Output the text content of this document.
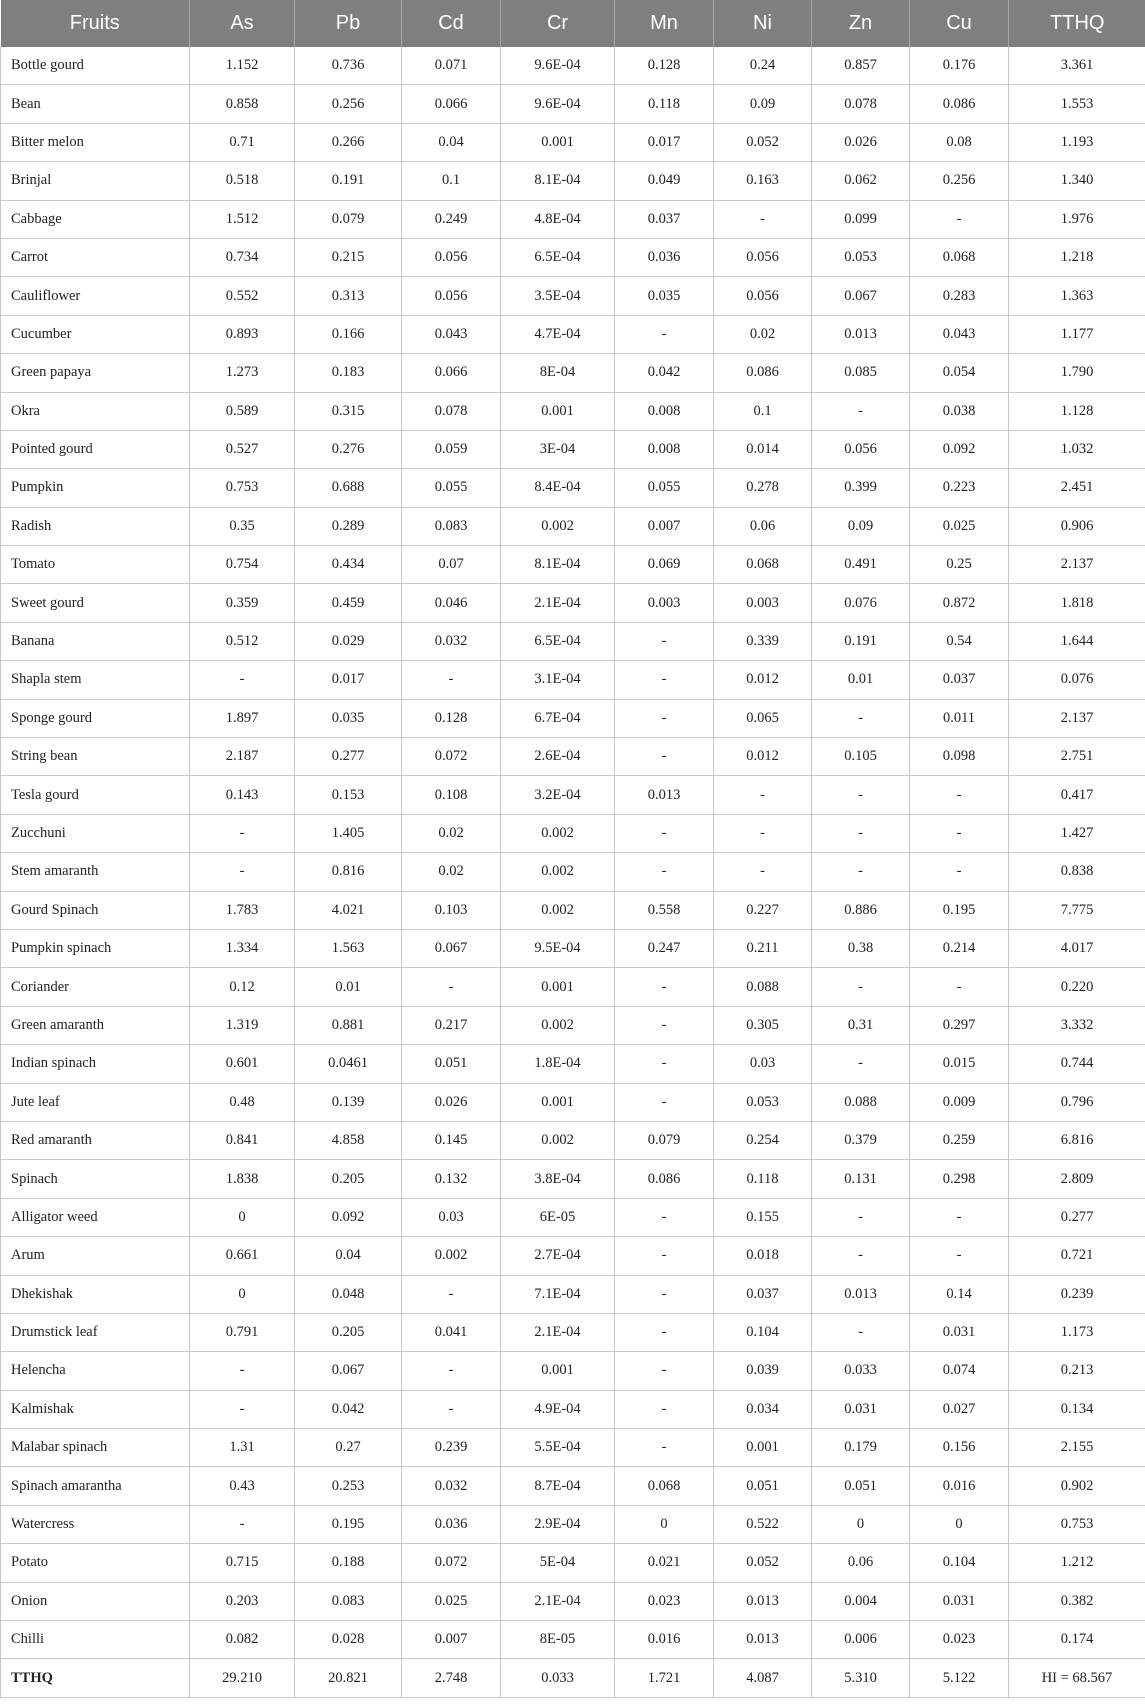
Fruits	As	Pb	Cd	Cr	Mn	Ni	Zn	Cu	TTHQ
Bottle gourd	1.152	0.736	0.071	9.6E-04	0.128	0.24	0.857	0.176	3.361
Bean	0.858	0.256	0.066	9.6E-04	0.118	0.09	0.078	0.086	1.553
Bitter melon	0.71	0.266	0.04	0.001	0.017	0.052	0.026	0.08	1.193
Brinjal	0.518	0.191	0.1	8.1E-04	0.049	0.163	0.062	0.256	1.340
Cabbage	1.512	0.079	0.249	4.8E-04	0.037	-	0.099	-	1.976
Carrot	0.734	0.215	0.056	6.5E-04	0.036	0.056	0.053	0.068	1.218
Cauliflower	0.552	0.313	0.056	3.5E-04	0.035	0.056	0.067	0.283	1.363
Cucumber	0.893	0.166	0.043	4.7E-04	-	0.02	0.013	0.043	1.177
Green papaya	1.273	0.183	0.066	8E-04	0.042	0.086	0.085	0.054	1.790
Okra	0.589	0.315	0.078	0.001	0.008	0.1	-	0.038	1.128
Pointed gourd	0.527	0.276	0.059	3E-04	0.008	0.014	0.056	0.092	1.032
Pumpkin	0.753	0.688	0.055	8.4E-04	0.055	0.278	0.399	0.223	2.451
Radish	0.35	0.289	0.083	0.002	0.007	0.06	0.09	0.025	0.906
Tomato	0.754	0.434	0.07	8.1E-04	0.069	0.068	0.491	0.25	2.137
Sweet gourd	0.359	0.459	0.046	2.1E-04	0.003	0.003	0.076	0.872	1.818
Banana	0.512	0.029	0.032	6.5E-04	-	0.339	0.191	0.54	1.644
Shapla stem	-	0.017	-	3.1E-04	-	0.012	0.01	0.037	0.076
Sponge gourd	1.897	0.035	0.128	6.7E-04	-	0.065	-	0.011	2.137
String bean	2.187	0.277	0.072	2.6E-04	-	0.012	0.105	0.098	2.751
Tesla gourd	0.143	0.153	0.108	3.2E-04	0.013	-	-	-	0.417
Zucchuni	-	1.405	0.02	0.002	-	-	-	-	1.427
Stem amaranth	-	0.816	0.02	0.002	-	-	-	-	0.838
Gourd Spinach	1.783	4.021	0.103	0.002	0.558	0.227	0.886	0.195	7.775
Pumpkin spinach	1.334	1.563	0.067	9.5E-04	0.247	0.211	0.38	0.214	4.017
Coriander	0.12	0.01	-	0.001	-	0.088	-	-	0.220
Green amaranth	1.319	0.881	0.217	0.002	-	0.305	0.31	0.297	3.332
Indian spinach	0.601	0.0461	0.051	1.8E-04	-	0.03	-	0.015	0.744
Jute leaf	0.48	0.139	0.026	0.001	-	0.053	0.088	0.009	0.796
Red amaranth	0.841	4.858	0.145	0.002	0.079	0.254	0.379	0.259	6.816
Spinach	1.838	0.205	0.132	3.8E-04	0.086	0.118	0.131	0.298	2.809
Alligator weed	0	0.092	0.03	6E-05	-	0.155	-	-	0.277
Arum	0.661	0.04	0.002	2.7E-04	-	0.018	-	-	0.721
Dhekishak	0	0.048	-	7.1E-04	-	0.037	0.013	0.14	0.239
Drumstick leaf	0.791	0.205	0.041	2.1E-04	-	0.104	-	0.031	1.173
Helencha	-	0.067	-	0.001	-	0.039	0.033	0.074	0.213
Kalmishak	-	0.042	-	4.9E-04	-	0.034	0.031	0.027	0.134
Malabar spinach	1.31	0.27	0.239	5.5E-04	-	0.001	0.179	0.156	2.155
Spinach amarantha	0.43	0.253	0.032	8.7E-04	0.068	0.051	0.051	0.016	0.902
Watercress	-	0.195	0.036	2.9E-04	0	0.522	0	0	0.753
Potato	0.715	0.188	0.072	5E-04	0.021	0.052	0.06	0.104	1.212
Onion	0.203	0.083	0.025	2.1E-04	0.023	0.013	0.004	0.031	0.382
Chilli	0.082	0.028	0.007	8E-05	0.016	0.013	0.006	0.023	0.174
TTHQ	29.210	20.821	2.748	0.033	1.721	4.087	5.310	5.122	HI = 68.567
